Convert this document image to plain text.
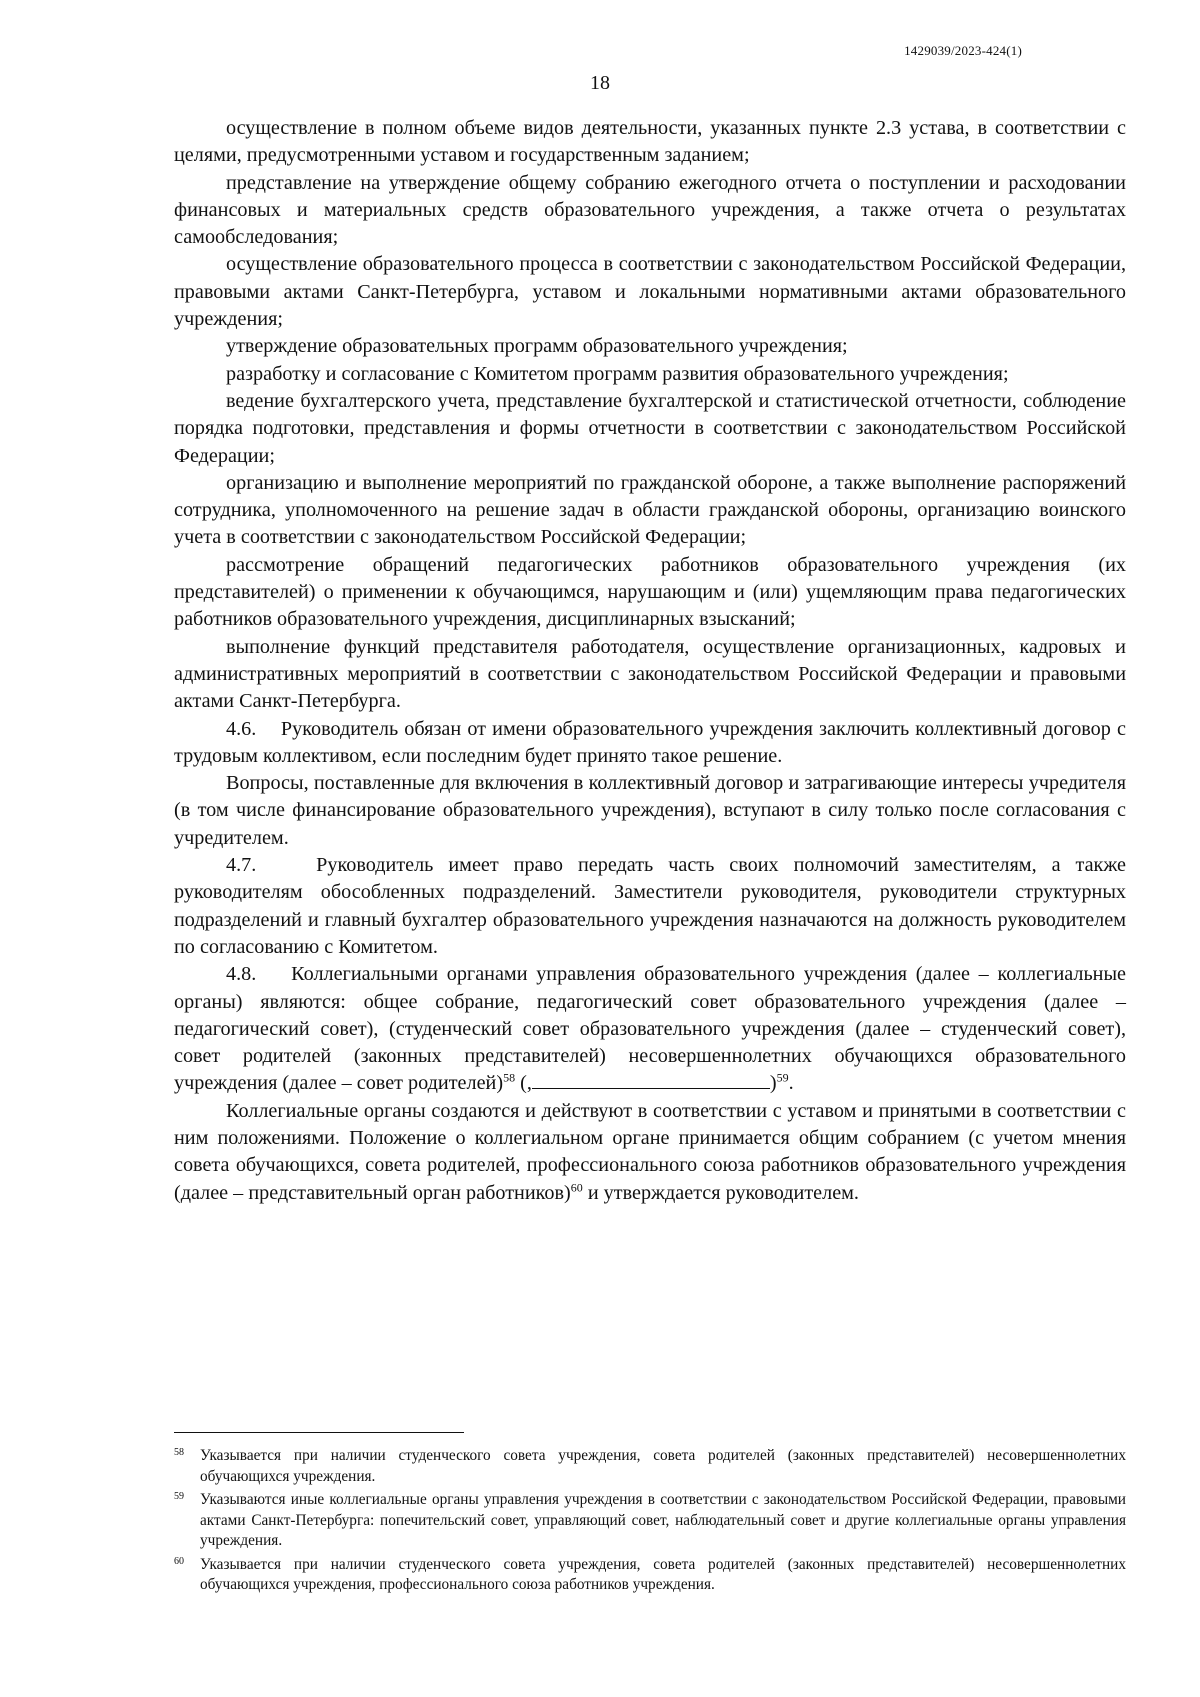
1429039/2023-424(1)
18

осуществление в полном объеме видов деятельности, указанных пункте 2.3 устава, в соответствии с целями, предусмотренными уставом и государственным заданием;

представление на утверждение общему собранию ежегодного отчета о поступлении и расходовании финансовых и материальных средств образовательного учреждения, а также отчета о результатах самообследования;

осуществление образовательного процесса в соответствии с законодательством Российской Федерации, правовыми актами Санкт-Петербурга, уставом и локальными нормативными актами образовательного учреждения;

утверждение образовательных программ образовательного учреждения;

разработку и согласование с Комитетом программ развития образовательного учреждения;

ведение бухгалтерского учета, представление бухгалтерской и статистической отчетности, соблюдение порядка подготовки, представления и формы отчетности в соответствии с законодательством Российской Федерации;

организацию и выполнение мероприятий по гражданской обороне, а также выполнение распоряжений сотрудника, уполномоченного на решение задач в области гражданской обороны, организацию воинского учета в соответствии с законодательством Российской Федерации;

рассмотрение обращений педагогических работников образовательного учреждения (их представителей) о применении к обучающимся, нарушающим и (или) ущемляющим права педагогических работников образовательного учреждения, дисциплинарных взысканий;

выполнение функций представителя работодателя, осуществление организационных, кадровых и административных мероприятий в соответствии с законодательством Российской Федерации и правовыми актами Санкт-Петербурга.

4.6.    Руководитель обязан от имени образовательного учреждения заключить коллективный договор с трудовым коллективом, если последним будет принято такое решение.

Вопросы, поставленные для включения в коллективный договор и затрагивающие интересы учредителя (в том числе финансирование образовательного учреждения), вступают в силу только после согласования с учредителем.

4.7.    Руководитель имеет право передать часть своих полномочий заместителям, а также руководителям обособленных подразделений. Заместители руководителя, руководители структурных подразделений и главный бухгалтер образовательного учреждения назначаются на должность руководителем по согласованию с Комитетом.

4.8.    Коллегиальными органами управления образовательного учреждения (далее – коллегиальные органы) являются: общее собрание, педагогический совет образовательного учреждения (далее – педагогический совет), (студенческий совет образовательного учреждения (далее – студенческий совет), совет родителей (законных представителей) несовершеннолетних обучающихся образовательного учреждения (далее – совет родителей)$^{58}$ (,	)$^{59}$.

Коллегиальные органы создаются и действуют в соответствии с уставом и принятыми в соответствии с ним положениями. Положение о коллегиальном органе принимается общим собранием (с учетом мнения совета обучающихся, совета родителей, профессионального союза работников образовательного учреждения (далее – представительный орган работников)$^{60}$ и утверждается руководителем.

58 Указывается при наличии студенческого совета учреждения, совета родителей (законных представителей) несовершеннолетних обучающихся учреждения.
59 Указываются иные коллегиальные органы управления учреждения в соответствии с законодательством Российской Федерации, правовыми актами Санкт-Петербурга: попечительский совет, управляющий совет, наблюдательный совет и другие коллегиальные органы управления учреждения.
60 Указывается при наличии студенческого совета учреждения, совета родителей (законных представителей) несовершеннолетних обучающихся учреждения, профессионального союза работников учреждения.
